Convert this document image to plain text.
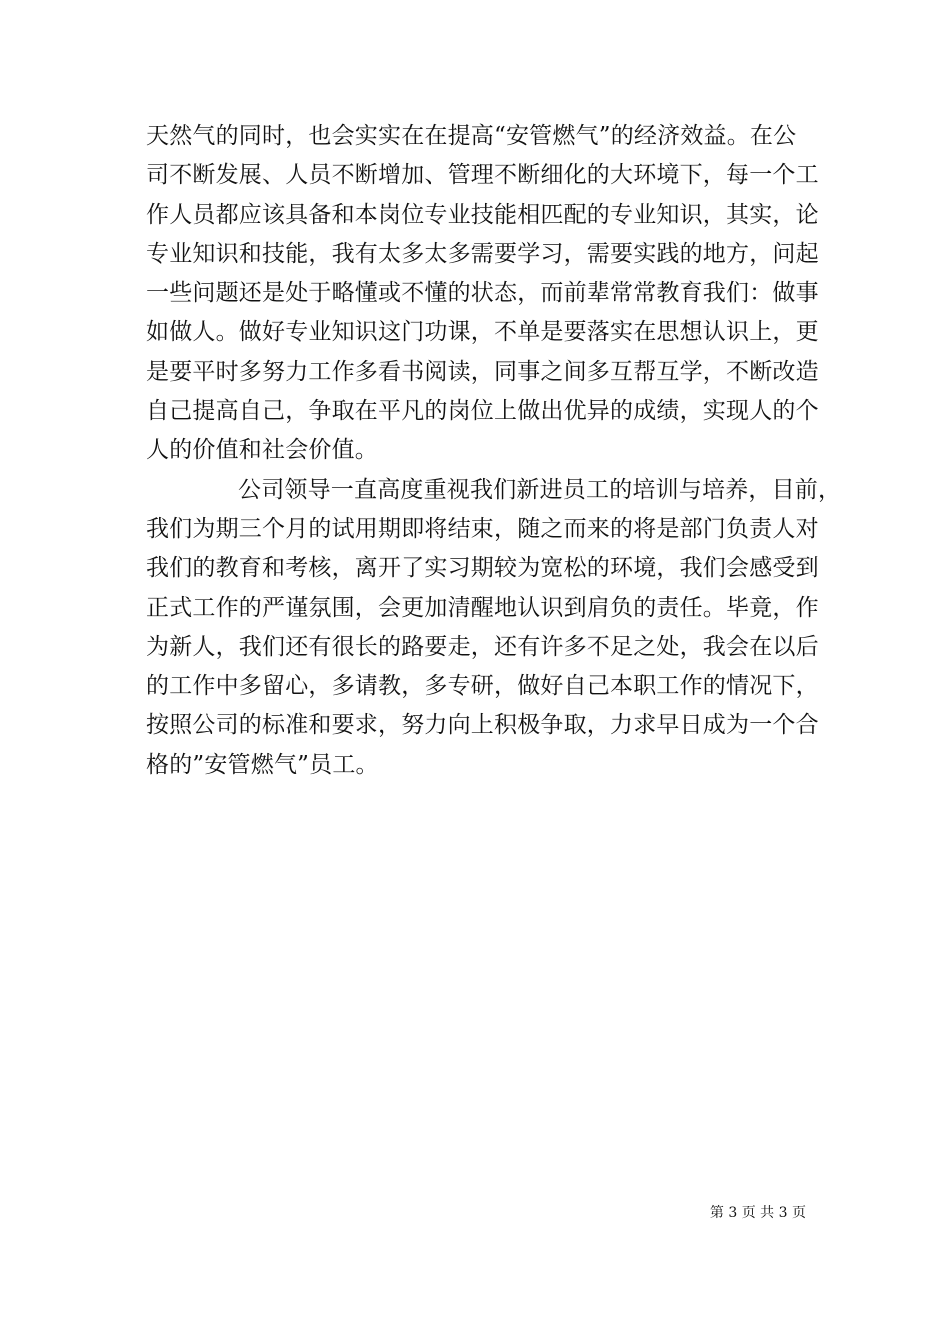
天然气的同时，也会实实在在提高“安管燃气”的经济效益。在公
司不断发展、人员不断增加、管理不断细化的大环境下，每一个工
作人员都应该具备和本岗位专业技能相匹配的专业知识，其实，论
专业知识和技能，我有太多太多需要学习，需要实践的地方，问起
一些问题还是处于略懂或不懂的状态，而前辈常常教育我们：做事
如做人。做好专业知识这门功课，不单是要落实在思想认识上，更
是要平时多努力工作多看书阅读，同事之间多互帮互学，不断改造
自己提高自己，争取在平凡的岗位上做出优异的成绩，实现人的个
人的价值和社会价值。
公司领导一直高度重视我们新进员工的培训与培养，目前，
我们为期三个月的试用期即将结束，随之而来的将是部门负责人对
我们的教育和考核，离开了实习期较为宽松的环境，我们会感受到
正式工作的严谨氛围，会更加清醒地认识到肩负的责任。毕竟，作
为新人，我们还有很长的路要走，还有许多不足之处，我会在以后
的工作中多留心，多请教，多专研，做好自己本职工作的情况下，
按照公司的标准和要求，努力向上积极争取，力求早日成为一个合
格的”安管燃气”员工。
第 3 页 共 3 页
